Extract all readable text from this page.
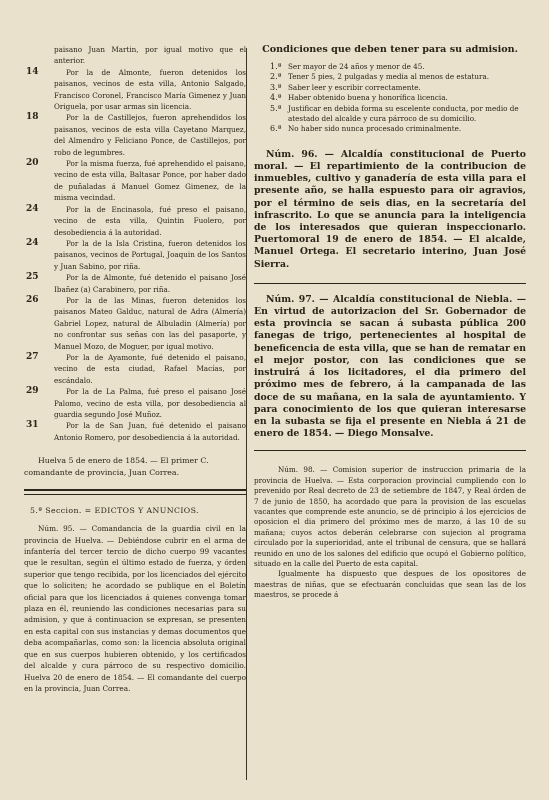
paisano Juan Martin, por igual motivo que el anterior.
14	Por la de Almonte, fueron detenidos los paisanos, vecinos de esta villa, Antonio Salgado, Francisco Coronel, Francisco María Gimenez y Juan Origuela, por usar armas sin licencia.
18	Por la de Castillejos, fueron aprehendidos los paisanos, vecinos de esta villa Cayetano Marquez, del Almendro y Feliciano Ponce, de Castillejos, por robo de legumbres.
20	Por la misma fuerza, fué aprehendido el paisano, vecino de esta villa, Baltasar Ponce, por haber dado de puñaladas á Manuel Gomez Gimenez, de la misma vecindad.
24	Por la de Encinasola, fué preso el paisano, vecino de esta villa, Quintin Fuolero, por desobediencia á la autoridad.
24	Por la de la Isla Cristina, fueron detenidos los paisanos, vecinos de Portugal, Joaquin de los Santos y Juan Sabino, por riña.
25	Por la de Almonte, fué detenido el paisano José Ibañez (a) Carabinero, por riña.
26	Por la de las Minas, fueron detenidos los paisanos Mateo Galduc, natural de Adra (Almería) Gabriel Lopez, natural de Albuladin (Almería) por no confrontar sus señas con las del pasaporte, y Manuel Mozo, de Moguer, por igual motivo.
27	Por la de Ayamonte, fué detenido el paisano, vecino de esta ciudad, Rafael Macías, por escándalo.
29	Por la de La Palma, fué preso el paisano José Palomo, vecino de esta villa, por desobediencia al guardia segundo José Muñoz.
31	Por la de San Juan, fué detenido el paisano Antonio Romero, por desobediencia á la autoridad.

Huelva 5 de enero de 1854. — El primer C. comandante de provincia, Juan Correa.

5.ª Seccion. = EDICTOS Y ANUNCIOS.

Núm. 95. — Comandancia de la guardia civil en la provincia de Huelva. — Debiéndose cubrir en el arma de infantería del tercer tercio de dicho cuerpo 99 vacantes que le resultan, según el último estado de fuerza, y órden superior que tengo recibida, por los licenciados del ejército que lo soliciten; he acordado se publique en el Boletín oficial para que los licenciados á quienes convenga tomar plaza en él, reuniendo las condiciones necesarias para su admision, y que á continuacion se expresan, se presenten en esta capital con sus instancias y demas documentos que deba acompañarlas, como son: la licencia absoluta original que en sus cuerpos hubieren obtenido, y los certificados del alcalde y cura párroco de su respectivo domicilio. Huelva 20 de enero de 1854. — El comandante del cuerpo en la provincia, Juan Correa.

Condiciones que deben tener para su admision.

1.ª Ser mayor de 24 años y menor de 45.
2.ª Tener 5 pies, 2 pulgadas y media al menos de estatura.
3.ª Saber leer y escribir correctamente.
4.ª Haber obtenido buena y honorífica licencia.
5.ª Justificar en debida forma su escelente conducta, por medio de atestado del alcalde y cura párroco de su domicilio.
6.ª No haber sido nunca procesado criminalmente.

Núm. 96. — Alcaldía constitucional de Puerto moral. — El repartimiento de la contribucion de inmuebles, cultivo y ganadería de esta villa para el presente año, se halla espuesto para oir agravios, por el término de seis dias, en la secretaría del infrascrito. Lo que se anuncia para la inteligencia de los interesados que quieran inspeccionarlo. Puertomoral 19 de enero de 1854. — El alcalde, Manuel Ortega. El secretario interino, Juan José Sierra.

Núm. 97. — Alcaldía constitucional de Niebla. — En virtud de autorizacion del Sr. Gobernador de esta provincia se sacan á subasta pública 200 fanegas de trigo, pertenecientes al hospital de beneficencia de esta villa, que se han de rematar en el mejor postor, con las condiciones que se instruirá á los licitadores, el dia primero del próximo mes de febrero, á la campanada de las doce de su mañana, en la sala de ayuntamiento. Y para conocimiento de los que quieran interesarse en la subasta se fija el presente en Niebla á 21 de enero de 1854. — Diego Monsalve.

Núm. 98. — Comision superior de instruccion primaria de la provincia de Huelva. — Esta corporacion provincial cumpliendo con lo prevenido por Real decreto de 23 de setiembre de 1847, y Real órden de 7 de junio de 1850, ha acordado que para la provision de las escuelas vacantes que comprende este anuncio, se dé principio á los ejercicios de oposicion el dia primero del próximo mes de marzo, á las 10 de su mañana; cuyos actos deberán celebrarse con sujecion al programa circulado por la superioridad, ante el tribunal de censura, que se hallará reunido en uno de los salones del edificio que ocupó el Gobierno político, situado en la calle del Puerto de esta capital.

Igualmente ha dispuesto que despues de los opositores de maestras de niñas, que se efectuarán concluidas que sean las de los maestros, se procede á
